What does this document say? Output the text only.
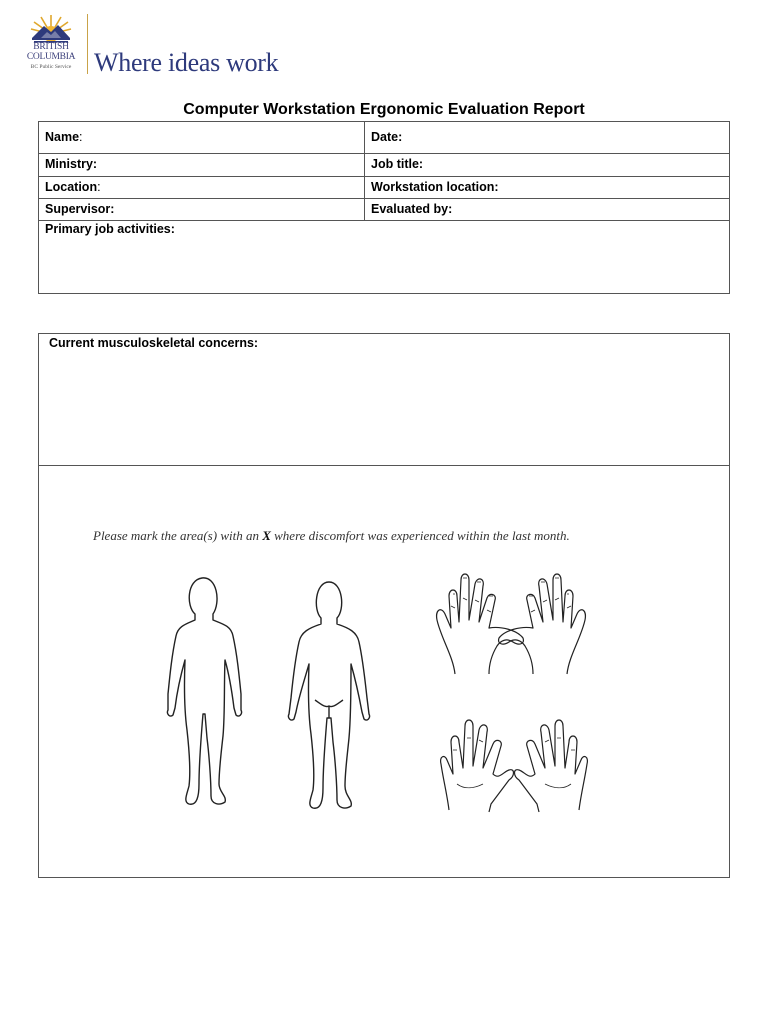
BRITISH
COLUMBIA
BC Public Service Where ideas work
Computer Workstation Ergonomic Evaluation Report
Name:	Date:
Ministry:	Job title:
Location:	Workstation location:
Supervisor:	Evaluated by:
Primary job activities:
Current musculoskeletal concerns:
Please mark the area(s) with an X where discomfort was experienced within the last month.
